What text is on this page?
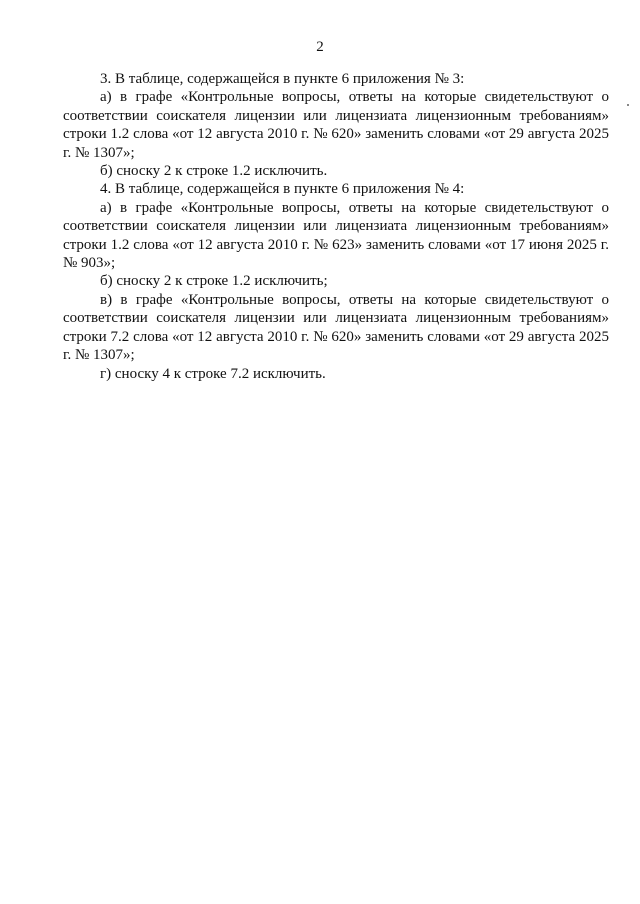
2

3. В таблице, содержащейся в пункте 6 приложения № 3:

а) в графе «Контрольные вопросы, ответы на которые свидетельствуют о соответствии соискателя лицензии или лицензиата лицензионным требованиям» строки 1.2 слова «от 12 августа 2010 г. № 620» заменить словами «от 29 августа 2025 г. № 1307»;

б) сноску 2 к строке 1.2 исключить.

4. В таблице, содержащейся в пункте 6 приложения № 4:

а) в графе «Контрольные вопросы, ответы на которые свидетельствуют о соответствии соискателя лицензии или лицензиата лицензионным требованиям» строки 1.2 слова «от 12 августа 2010 г. № 623» заменить словами «от 17 июня 2025 г. № 903»;

б) сноску 2 к строке 1.2 исключить;

в) в графе «Контрольные вопросы, ответы на которые свидетельствуют о соответствии соискателя лицензии или лицензиата лицензионным требованиям» строки 7.2 слова «от 12 августа 2010 г. № 620» заменить словами «от 29 августа 2025 г. № 1307»;

г) сноску 4 к строке 7.2 исключить.
